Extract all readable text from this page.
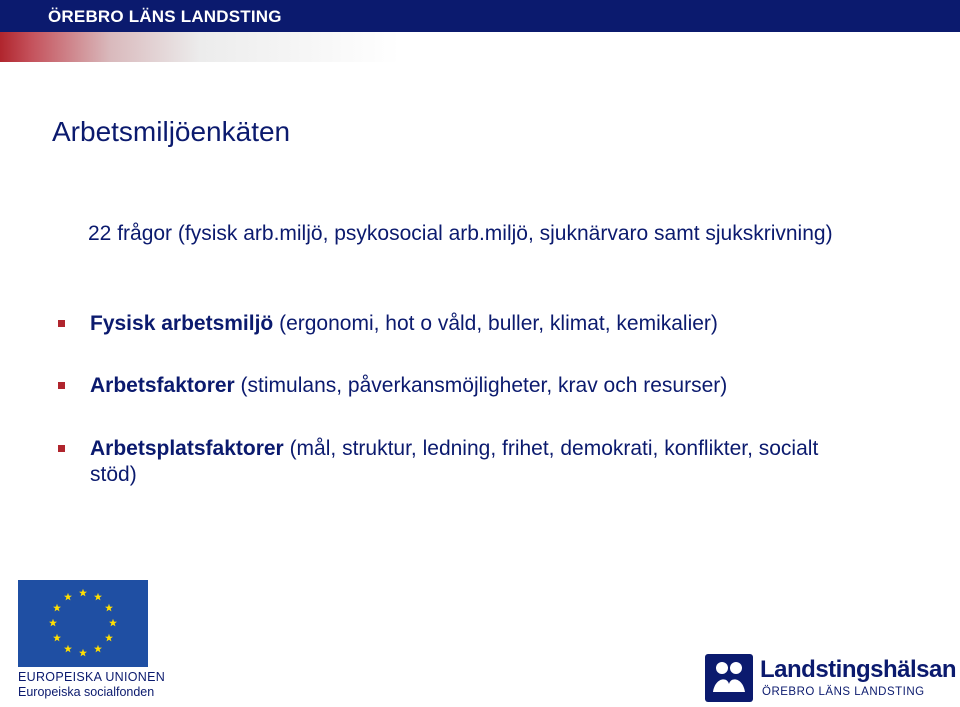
ÖREBRO LÄNS LANDSTING
Arbetsmiljöenkäten
22 frågor (fysisk arb.miljö, psykosocial arb.miljö, sjuknärvaro samt sjukskrivning)
Fysisk arbetsmiljö (ergonomi, hot o våld, buller, klimat, kemikalier)
Arbetsfaktorer (stimulans, påverkansmöjligheter, krav och resurser)
Arbetsplatsfaktorer (mål, struktur, ledning, frihet, demokrati, konflikter, socialt stöd)
EUROPEISKA UNIONEN
Europeiska socialfonden
Landstingshälsan
ÖREBRO LÄNS LANDSTING
